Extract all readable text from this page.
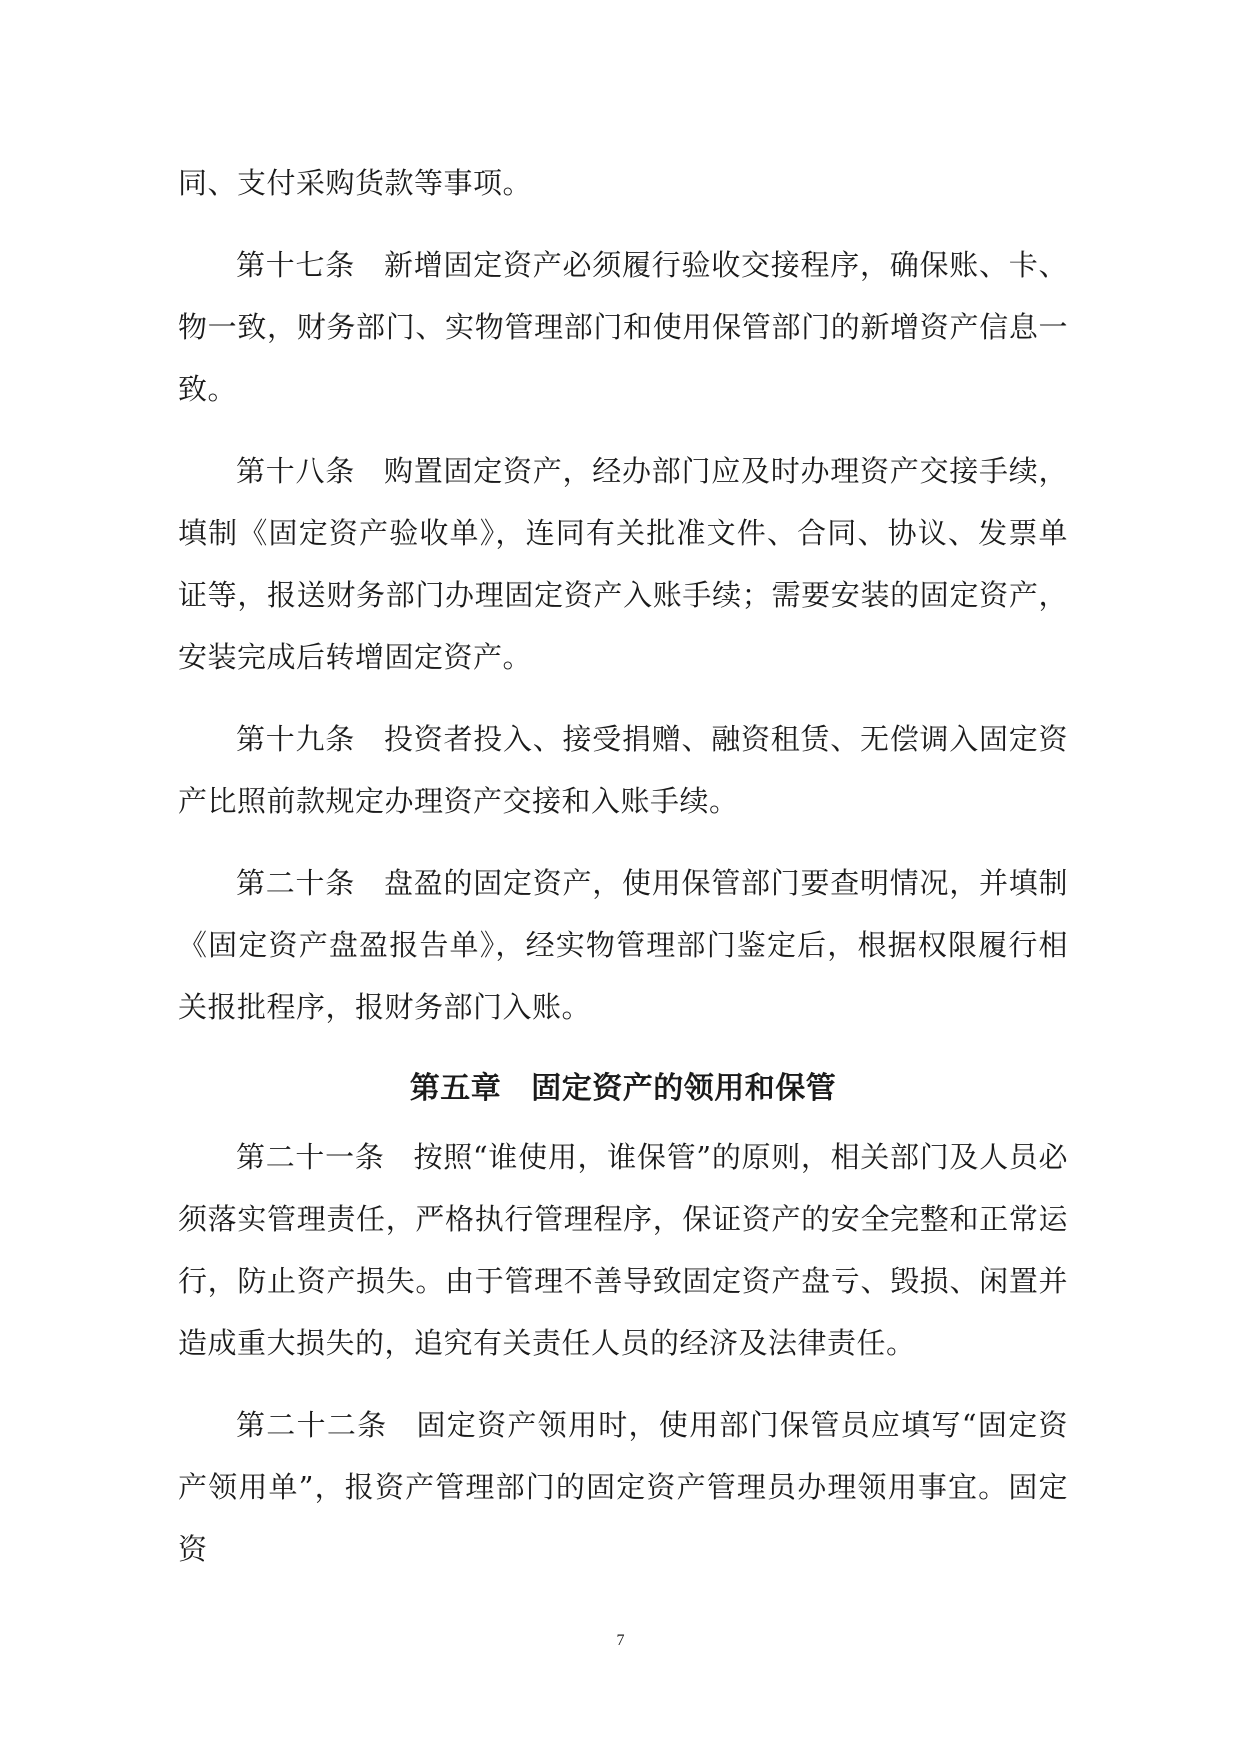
同、支付采购货款等事项。

第十七条 新增固定资产必须履行验收交接程序，确保账、卡、物一致，财务部门、实物管理部门和使用保管部门的新增资产信息一致。

第十八条 购置固定资产，经办部门应及时办理资产交接手续，填制《固定资产验收单》，连同有关批准文件、合同、协议、发票单证等，报送财务部门办理固定资产入账手续；需要安装的固定资产，安装完成后转增固定资产。

第十九条 投资者投入、接受捐赠、融资租赁、无偿调入固定资产比照前款规定办理资产交接和入账手续。

第二十条 盘盈的固定资产，使用保管部门要查明情况，并填制《固定资产盘盈报告单》，经实物管理部门鉴定后，根据权限履行相关报批程序，报财务部门入账。

第五章 固定资产的领用和保管

第二十一条 按照“谁使用，谁保管”的原则，相关部门及人员必须落实管理责任，严格执行管理程序，保证资产的安全完整和正常运行，防止资产损失。由于管理不善导致固定资产盘亏、毁损、闲置并造成重大损失的，追究有关责任人员的经济及法律责任。

第二十二条 固定资产领用时，使用部门保管员应填写“固定资产领用单”，报资产管理部门的固定资产管理员办理领用事宜。固定资

7
